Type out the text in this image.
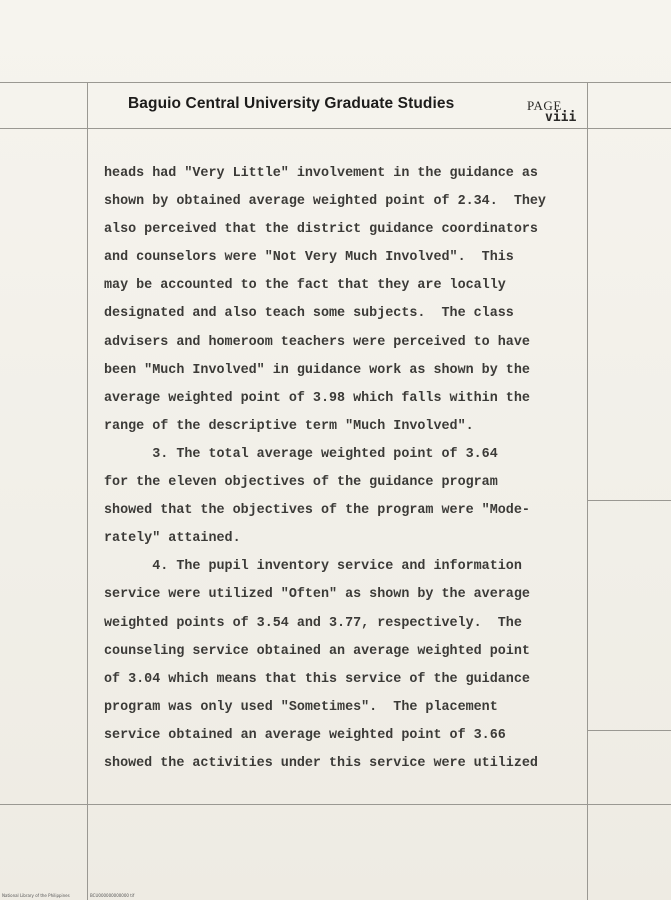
Baguio Central University Graduate Studies	PAGE
viii
heads had "Very Little" involvement in the guidance as
shown by obtained average weighted point of 2.34.  They
also perceived that the district guidance coordinators
and counselors were "Not Very Much Involved".  This
may be accounted to the fact that they are locally
designated and also teach some subjects.  The class
advisers and homeroom teachers were perceived to have
been "Much Involved" in guidance work as shown by the
average weighted point of 3.98 which falls within the
range of the descriptive term "Much Involved".
3. The total average weighted point of 3.64
for the eleven objectives of the guidance program
showed that the objectives of the program were "Mode-
rately" attained.
4. The pupil inventory service and information
service were utilized "Often" as shown by the average
weighted points of 3.54 and 3.77, respectively.  The
counseling service obtained an average weighted point
of 3.04 which means that this service of the guidance
program was only used "Sometimes".  The placement
service obtained an average weighted point of 3.66
showed the activities under this service were utilized
National Library of the Philippines	BCU000000000000 tif
